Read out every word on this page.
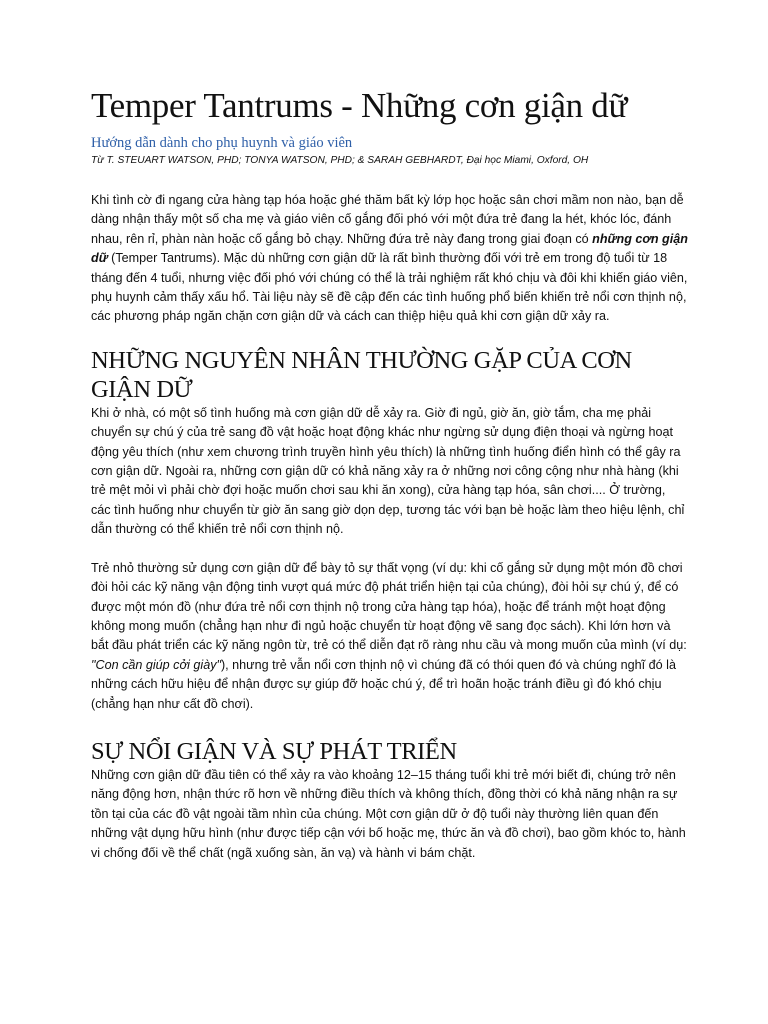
Temper Tantrums - Những cơn giận dữ

Hướng dẫn dành cho phụ huynh và giáo viên

Từ T. STEUART WATSON, PHD; TONYA WATSON, PHD; & SARAH GEBHARDT, Đại học Miami, Oxford, OH

Khi tình cờ đi ngang cửa hàng tạp hóa hoặc ghé thăm bất kỳ lớp học hoặc sân chơi mầm non nào, bạn dễ dàng nhận thấy một số cha mẹ và giáo viên cố gắng đối phó với một đứa trẻ đang la hét, khóc lóc, đánh nhau, rên rỉ, phàn nàn hoặc cố gắng bỏ chạy. Những đứa trẻ này đang trong giai đoạn có những cơn giận dữ (Temper Tantrums). Mặc dù những cơn giận dữ là rất bình thường đối với trẻ em trong độ tuổi từ 18 tháng đến 4 tuổi, nhưng việc đối phó với chúng có thể là trải nghiệm rất khó chịu và đôi khi khiến giáo viên, phụ huynh cảm thấy xấu hổ. Tài liệu này sẽ đề cập đến các tình huống phổ biến khiến trẻ nổi cơn thịnh nộ, các phương pháp ngăn chặn cơn giận dữ và cách can thiệp hiệu quả khi cơn giận dữ xảy ra.

NHỮNG NGUYÊN NHÂN THƯỜNG GẶP CỦA CƠN GIẬN DỮ

Khi ở nhà, có một số tình huống mà cơn giận dữ dễ xảy ra. Giờ đi ngủ, giờ ăn, giờ tắm, cha mẹ phải chuyển sự chú ý của trẻ sang đồ vật hoặc hoạt động khác như ngừng sử dụng điện thoại và ngừng hoạt động yêu thích (như xem chương trình truyền hình yêu thích) là những tình huống điển hình có thể gây ra cơn giận dữ. Ngoài ra, những cơn giận dữ có khả năng xảy ra ở những nơi công cộng như nhà hàng (khi trẻ mệt mỏi vì phải chờ đợi hoặc muốn chơi sau khi ăn xong), cửa hàng tạp hóa, sân chơi.... Ở trường, các tình huống như chuyển từ giờ ăn sang giờ dọn dẹp, tương tác với bạn bè hoặc làm theo hiệu lệnh, chỉ dẫn thường có thể khiến trẻ nổi cơn thịnh nộ.

Trẻ nhỏ thường sử dụng cơn giận dữ để bày tỏ sự thất vọng (ví dụ: khi cố gắng sử dụng một món đồ chơi đòi hỏi các kỹ năng vận động tinh vượt quá mức độ phát triển hiện tại của chúng), đòi hỏi sự chú ý, để có được một món đồ (như đứa trẻ nổi cơn thịnh nộ trong cửa hàng tạp hóa), hoặc để tránh một hoạt động không mong muốn (chẳng hạn như đi ngủ hoặc chuyển từ hoạt động vẽ sang đọc sách). Khi lớn hơn và bắt đầu phát triển các kỹ năng ngôn từ, trẻ có thể diễn đạt rõ ràng nhu cầu và mong muốn của mình (ví dụ: "Con cần giúp cởi giày"), nhưng trẻ vẫn nổi cơn thịnh nộ vì chúng đã có thói quen đó và chúng nghĩ đó là những cách hữu hiệu để nhận được sự giúp đỡ hoặc chú ý, để trì hoãn hoặc tránh điều gì đó khó chịu (chẳng hạn như cất đồ chơi).

SỰ NỔI GIẬN VÀ SỰ PHÁT TRIỂN

Những cơn giận dữ đầu tiên có thể xảy ra vào khoảng 12–15 tháng tuổi khi trẻ mới biết đi, chúng trở nên năng động hơn, nhận thức rõ hơn về những điều thích và không thích, đồng thời có khả năng nhận ra sự tồn tại của các đồ vật ngoài tầm nhìn của chúng. Một cơn giận dữ ở độ tuổi này thường liên quan đến những vật dụng hữu hình (như được tiếp cận với bố hoặc mẹ, thức ăn và đồ chơi), bao gồm khóc to, hành vi chống đối về thể chất (ngã xuống sàn, ăn vạ) và hành vi bám chặt.
